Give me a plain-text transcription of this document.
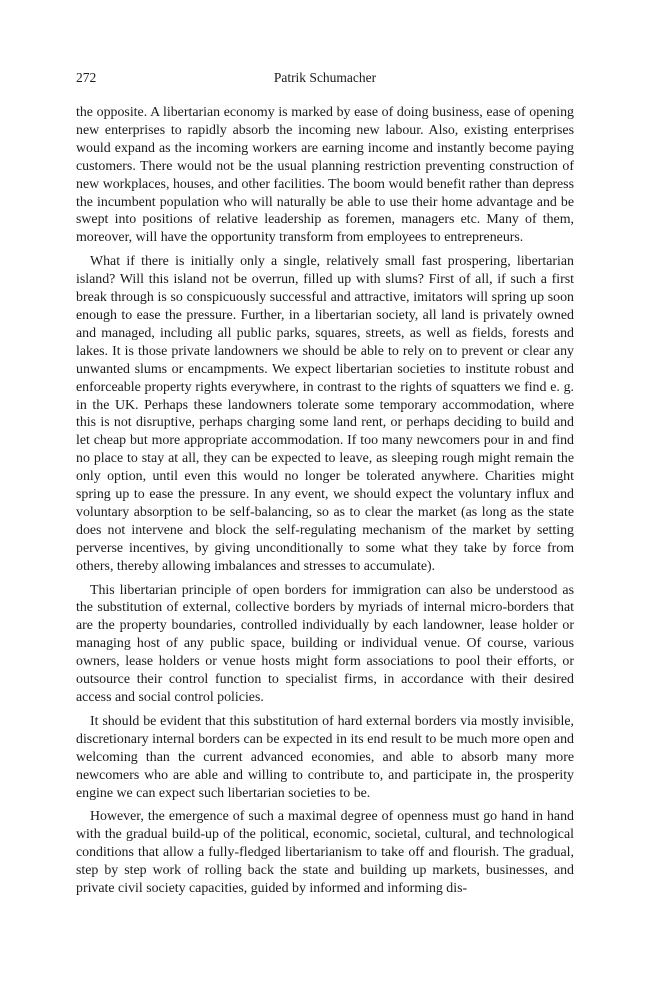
272	Patrik Schumacher

the opposite. A libertarian economy is marked by ease of doing business, ease of opening new enterprises to rapidly absorb the incoming new labour. Also, existing enterprises would expand as the incoming workers are earning income and instantly become paying customers. There would not be the usual planning restriction preventing construction of new workplaces, houses, and other facilities. The boom would benefit rather than depress the incumbent population who will naturally be able to use their home advantage and be swept into positions of relative leadership as foremen, managers etc. Many of them, moreover, will have the opportunity transform from employees to entrepreneurs.

What if there is initially only a single, relatively small fast prospering, libertarian island? Will this island not be overrun, filled up with slums? First of all, if such a first break through is so conspicuously successful and attractive, imitators will spring up soon enough to ease the pressure. Further, in a libertarian society, all land is privately owned and managed, including all public parks, squares, streets, as well as fields, forests and lakes. It is those private landowners we should be able to rely on to prevent or clear any unwanted slums or encampments. We expect libertarian societies to institute robust and enforceable property rights everywhere, in contrast to the rights of squatters we find e. g. in the UK. Perhaps these landowners tolerate some temporary accommodation, where this is not disruptive, perhaps charging some land rent, or perhaps deciding to build and let cheap but more appropriate accommodation. If too many newcomers pour in and find no place to stay at all, they can be expected to leave, as sleeping rough might remain the only option, until even this would no longer be tolerated anywhere. Charities might spring up to ease the pressure. In any event, we should expect the voluntary influx and voluntary absorption to be self-balancing, so as to clear the market (as long as the state does not intervene and block the self-regulating mechanism of the market by setting perverse incentives, by giving unconditionally to some what they take by force from others, thereby allowing imbalances and stresses to accumulate).

This libertarian principle of open borders for immigration can also be understood as the substitution of external, collective borders by myriads of internal micro-borders that are the property boundaries, controlled individually by each landowner, lease holder or managing host of any public space, building or individual venue. Of course, various owners, lease holders or venue hosts might form associations to pool their efforts, or outsource their control function to specialist firms, in accordance with their desired access and social control policies.

It should be evident that this substitution of hard external borders via mostly invisible, discretionary internal borders can be expected in its end result to be much more open and welcoming than the current advanced economies, and able to absorb many more newcomers who are able and willing to contribute to, and participate in, the prosperity engine we can expect such libertarian societies to be.

However, the emergence of such a maximal degree of openness must go hand in hand with the gradual build-up of the political, economic, societal, cultural, and technological conditions that allow a fully-fledged libertarianism to take off and flourish. The gradual, step by step work of rolling back the state and building up markets, businesses, and private civil society capacities, guided by informed and informing dis-
